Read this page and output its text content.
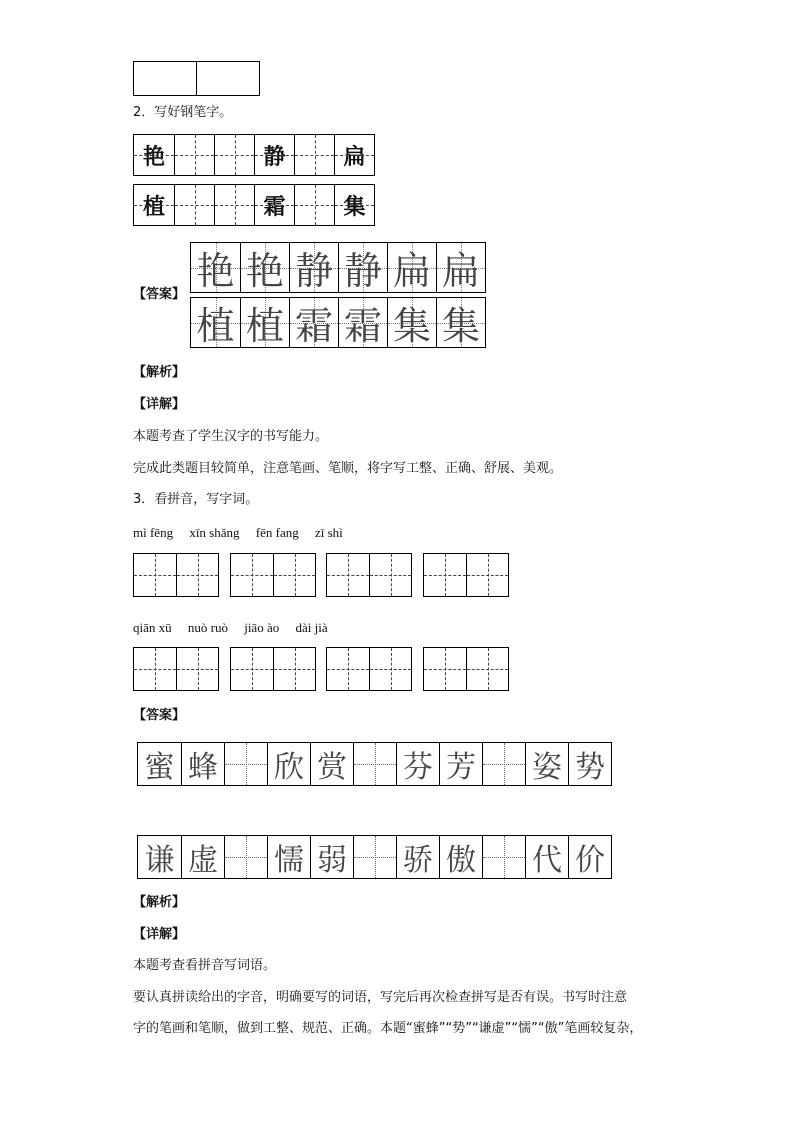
2．写好钢笔字。
艳	静	扁
植	霜	集
【答案】
艳 艳 静 静 扁 扁
植 植 霜 霜 集 集
【解析】
【详解】
本题考查了学生汉字的书写能力。
完成此类题目较简单，注意笔画、笔顺，将字写工整、正确、舒展、美观。
3．看拼音，写字词。
mì fēng　 xīn shǎng　 fēn fang　 zī shì
qiān xū　 nuò ruò　 jiāo ào　 dài jià
【答案】
蜜 蜂 欣 赏 芬 芳 姿 势
谦 虚 懦 弱 骄 傲 代 价
【解析】
【详解】
本题考查看拼音写词语。
要认真拼读给出的字音，明确要写的词语，写完后再次检查拼写是否有误。书写时注意
字的笔画和笔顺，做到工整、规范、正确。本题“蜜蜂”“势”“谦虚”“懦”“傲”笔画较复杂，
